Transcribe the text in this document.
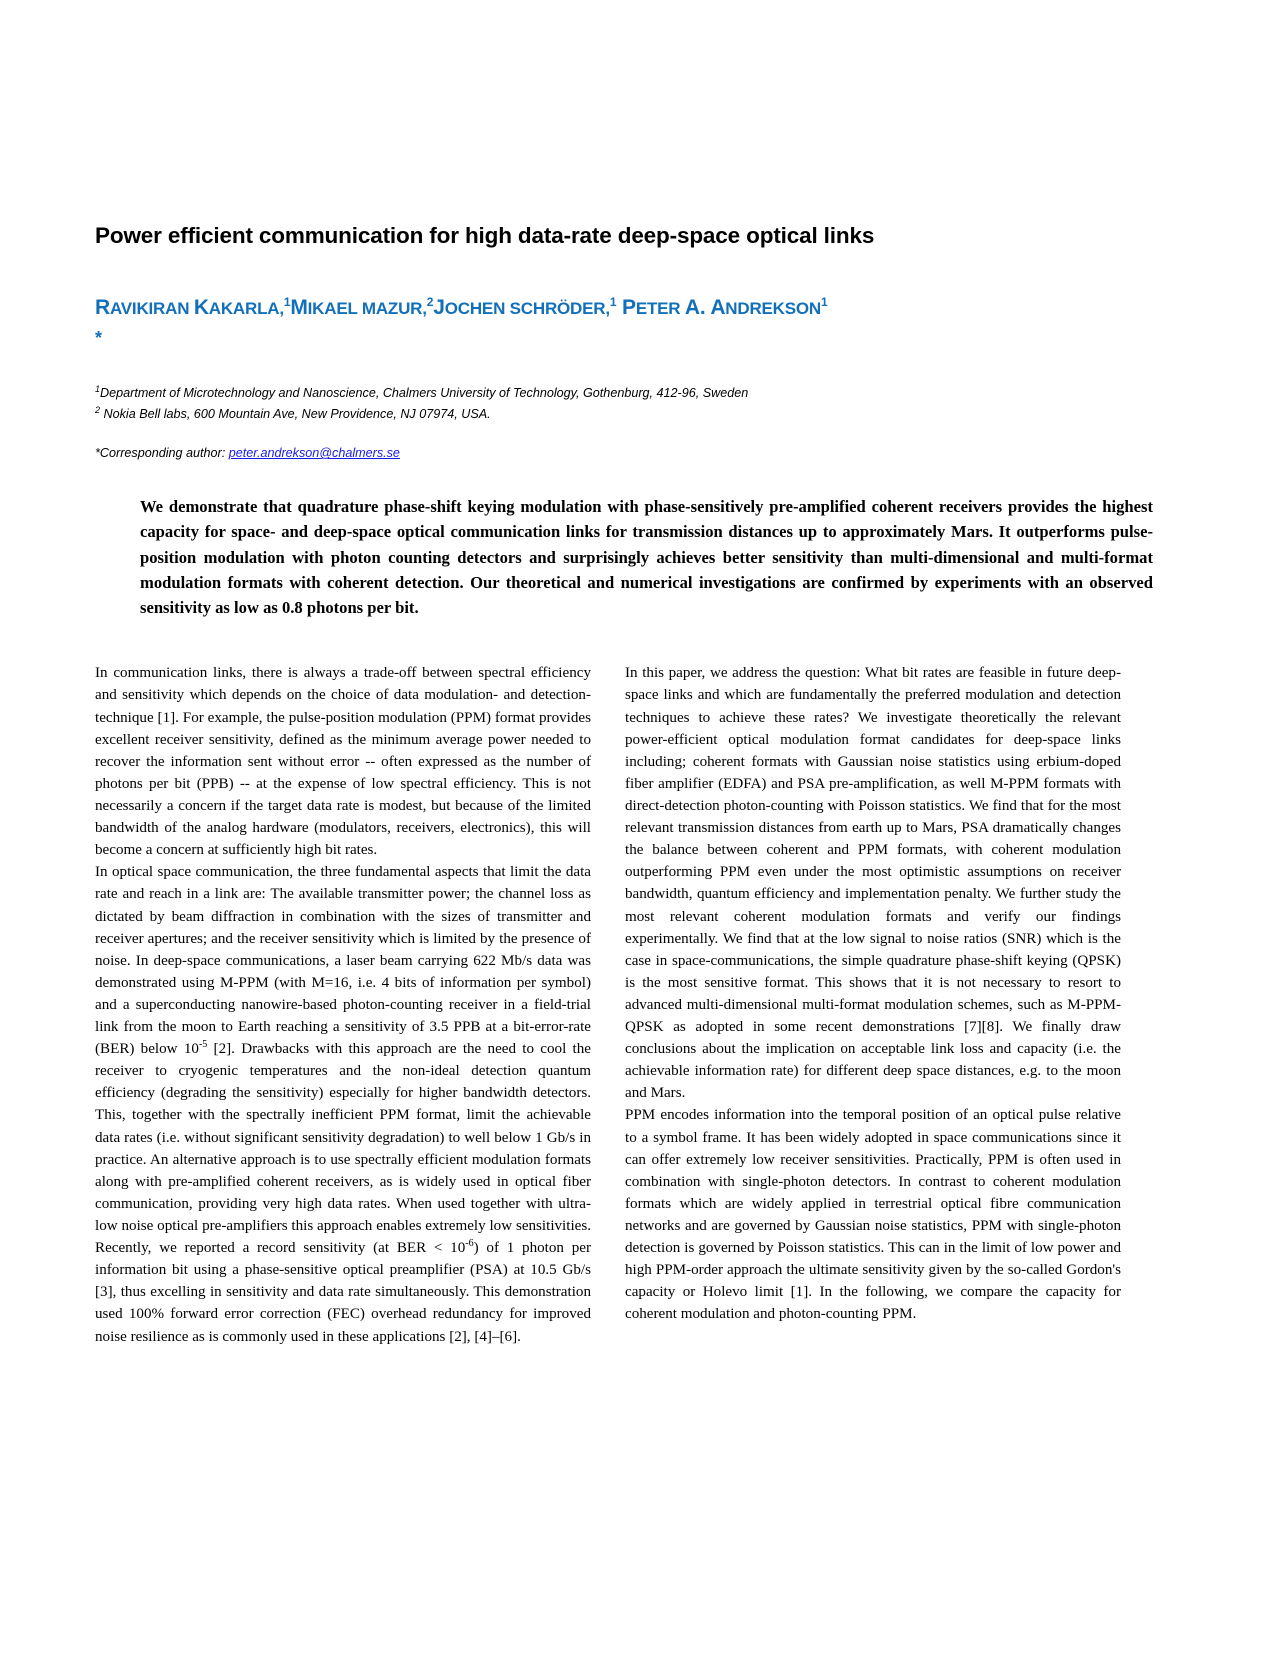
Power efficient communication for high data-rate deep-space optical links

RAVIKIRAN KAKARLA,$^1$MIKAEL MAZUR,$^2$JOCHEN SCHRÖDER,$^1$ PETER A. ANDREKSON$^1$

*
$^1$Department of Microtechnology and Nanoscience, Chalmers University of Technology, Gothenburg, 412-96, Sweden
$^2$ Nokia Bell labs, 600 Mountain Ave, New Providence, NJ 07974, USA.
*Corresponding author: peter.andrekson@chalmers.se

We demonstrate that quadrature phase-shift keying modulation with phase-sensitively pre-amplified coherent receivers provides the highest capacity for space- and deep-space optical communication links for transmission distances up to approximately Mars. It outperforms pulse-position modulation with photon counting detectors and surprisingly achieves better sensitivity than multi-dimensional and multi-format modulation formats with coherent detection. Our theoretical and numerical investigations are confirmed by experiments with an observed sensitivity as low as 0.8 photons per bit.

In communication links, there is always a trade-off between spectral efficiency and sensitivity which depends on the choice of data modulation- and detection-technique [1]. For example, the pulse-position modulation (PPM) format provides excellent receiver sensitivity, defined as the minimum average power needed to recover the information sent without error -- often expressed as the number of photons per bit (PPB) -- at the expense of low spectral efficiency. This is not necessarily a concern if the target data rate is modest, but because of the limited bandwidth of the analog hardware (modulators, receivers, electronics), this will become a concern at sufficiently high bit rates.

In optical space communication, the three fundamental aspects that limit the data rate and reach in a link are: The available transmitter power; the channel loss as dictated by beam diffraction in combination with the sizes of transmitter and receiver apertures; and the receiver sensitivity which is limited by the presence of noise. In deep-space communications, a laser beam carrying 622 Mb/s data was demonstrated using M-PPM (with M=16, i.e. 4 bits of information per symbol) and a superconducting nanowire-based photon-counting receiver in a field-trial link from the moon to Earth reaching a sensitivity of 3.5 PPB at a bit-error-rate (BER) below $10^{-5}$ [2]. Drawbacks with this approach are the need to cool the receiver to cryogenic temperatures and the non-ideal detection quantum efficiency (degrading the sensitivity) especially for higher bandwidth detectors. This, together with the spectrally inefficient PPM format, limit the achievable data rates (i.e. without significant sensitivity degradation) to well below 1 Gb/s in practice. An alternative approach is to use spectrally efficient modulation formats along with pre-amplified coherent receivers, as is widely used in optical fiber communication, providing very high data rates. When used together with ultra-low noise optical pre-amplifiers this approach enables extremely low sensitivities. Recently, we reported a record sensitivity (at BER < $10^{-6}$) of 1 photon per information bit using a phase-sensitive optical preamplifier (PSA) at 10.5 Gb/s [3], thus excelling in sensitivity and data rate simultaneously. This demonstration used 100% forward error correction (FEC) overhead redundancy for improved noise resilience as is commonly used in these applications [2], [4]–[6].

In this paper, we address the question: What bit rates are feasible in future deep-space links and which are fundamentally the preferred modulation and detection techniques to achieve these rates? We investigate theoretically the relevant power-efficient optical modulation format candidates for deep-space links including; coherent formats with Gaussian noise statistics using erbium-doped fiber amplifier (EDFA) and PSA pre-amplification, as well M-PPM formats with direct-detection photon-counting with Poisson statistics. We find that for the most relevant transmission distances from earth up to Mars, PSA dramatically changes the balance between coherent and PPM formats, with coherent modulation outperforming PPM even under the most optimistic assumptions on receiver bandwidth, quantum efficiency and implementation penalty. We further study the most relevant coherent modulation formats and verify our findings experimentally. We find that at the low signal to noise ratios (SNR) which is the case in space-communications, the simple quadrature phase-shift keying (QPSK) is the most sensitive format. This shows that it is not necessary to resort to advanced multi-dimensional multi-format modulation schemes, such as M-PPM-QPSK as adopted in some recent demonstrations [7][8]. We finally draw conclusions about the implication on acceptable link loss and capacity (i.e. the achievable information rate) for different deep space distances, e.g. to the moon and Mars.

PPM encodes information into the temporal position of an optical pulse relative to a symbol frame. It has been widely adopted in space communications since it can offer extremely low receiver sensitivities. Practically, PPM is often used in combination with single-photon detectors. In contrast to coherent modulation formats which are widely applied in terrestrial optical fibre communication networks and are governed by Gaussian noise statistics, PPM with single-photon detection is governed by Poisson statistics. This can in the limit of low power and high PPM-order approach the ultimate sensitivity given by the so-called Gordon's capacity or Holevo limit [1]. In the following, we compare the capacity for coherent modulation and photon-counting PPM.
